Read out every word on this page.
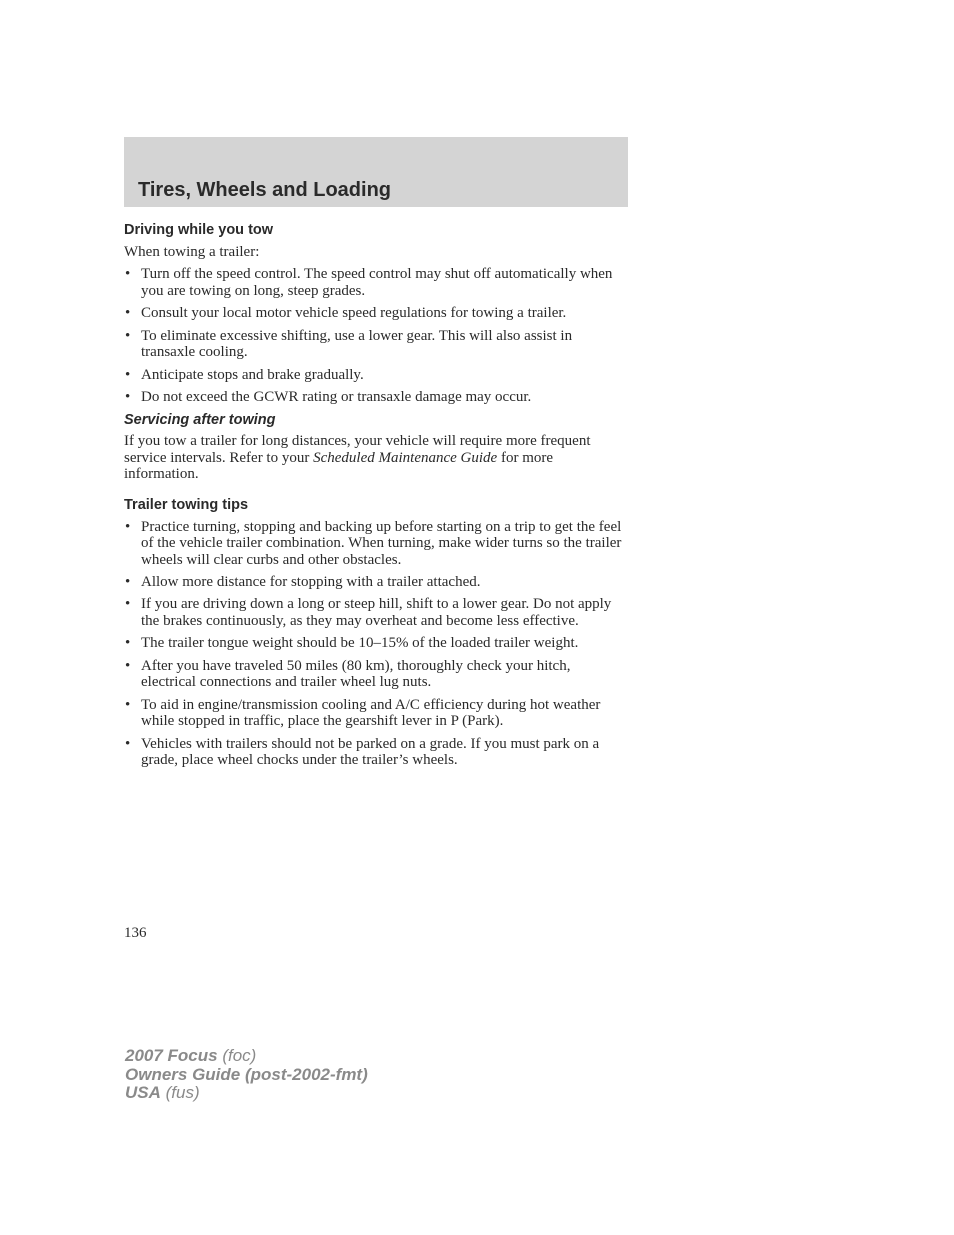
Tires, Wheels and Loading
Driving while you tow

When towing a trailer:

• Turn off the speed control. The speed control may shut off automatically when you are towing on long, steep grades.
• Consult your local motor vehicle speed regulations for towing a trailer.
• To eliminate excessive shifting, use a lower gear. This will also assist in transaxle cooling.
• Anticipate stops and brake gradually.
• Do not exceed the GCWR rating or transaxle damage may occur.
Servicing after towing

If you tow a trailer for long distances, your vehicle will require more frequent service intervals. Refer to your Scheduled Maintenance Guide for more information.

Trailer towing tips
• Practice turning, stopping and backing up before starting on a trip to get the feel of the vehicle trailer combination. When turning, make wider turns so the trailer wheels will clear curbs and other obstacles.
• Allow more distance for stopping with a trailer attached.
• If you are driving down a long or steep hill, shift to a lower gear. Do not apply the brakes continuously, as they may overheat and become less effective.
• The trailer tongue weight should be 10–15% of the loaded trailer weight.
• After you have traveled 50 miles (80 km), thoroughly check your hitch, electrical connections and trailer wheel lug nuts.
• To aid in engine/transmission cooling and A/C efficiency during hot weather while stopped in traffic, place the gearshift lever in P (Park).
• Vehicles with trailers should not be parked on a grade. If you must park on a grade, place wheel chocks under the trailer’s wheels.
136
2007 Focus (foc)
Owners Guide (post-2002-fmt)
USA (fus)
